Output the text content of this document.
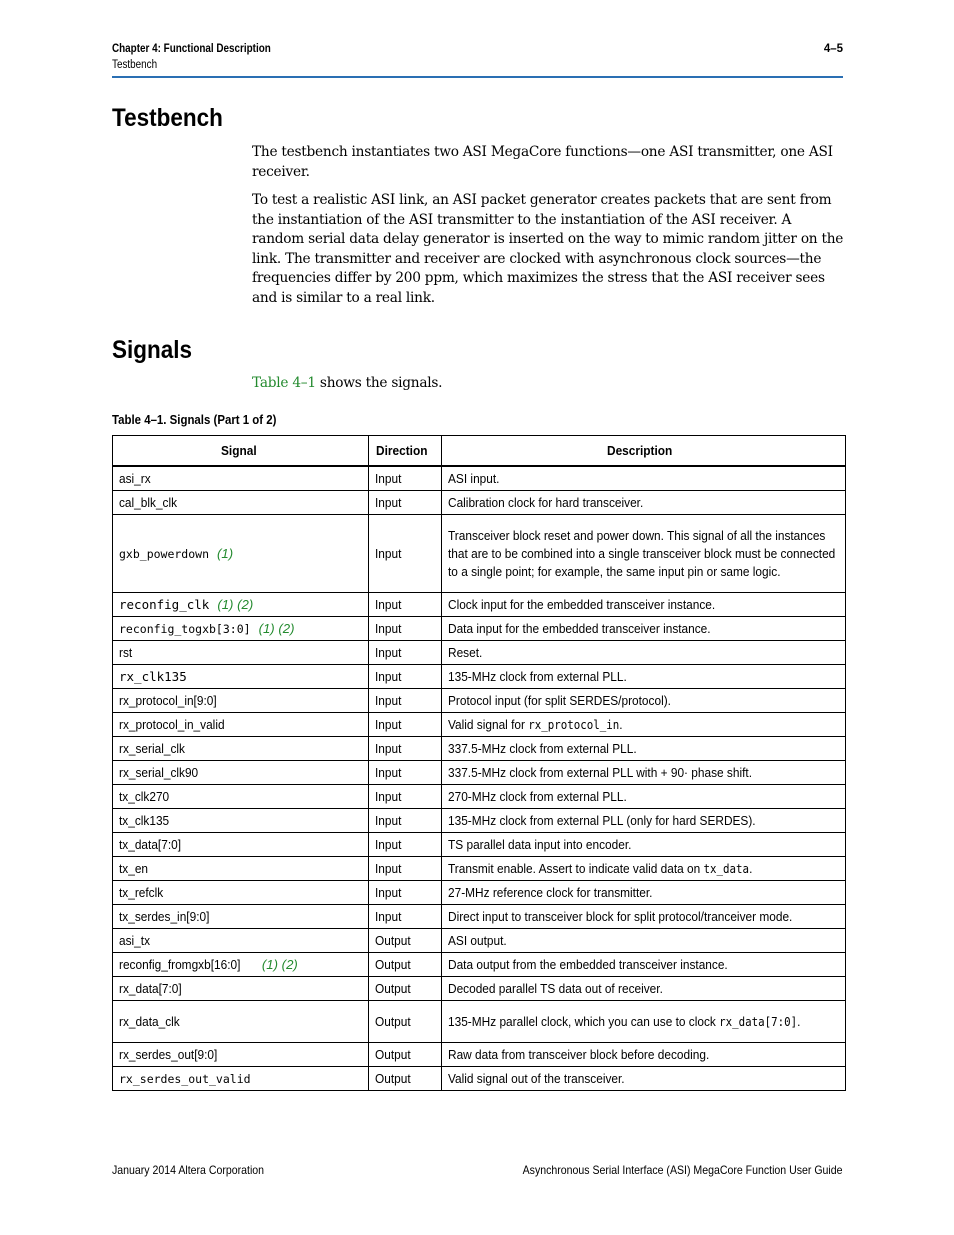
Chapter 4: Functional Description
Testbench
4–5
Testbench

The testbench instantiates two ASI MegaCore functions—one ASI transmitter, one ASI receiver.

To test a realistic ASI link, an ASI packet generator creates packets that are sent from the instantiation of the ASI transmitter to the instantiation of the ASI receiver. A random serial data delay generator is inserted on the way to mimic random jitter on the link. The transmitter and receiver are clocked with asynchronous clock sources—the frequencies differ by 200 ppm, which maximizes the stress that the ASI receiver sees and is similar to a real link.

Signals

Table 4–1 shows the signals.

Table 4–1. Signals (Part 1 of 2)
Signal	Direction	Description
asi_rx	Input	ASI input.

cal_blk_clk	Input	Calibration clock for hard transceiver.

gxb_powerdown (1)	Input	Transceiver block reset and power down. This signal of all the instances that are to be combined into a single transceiver block must be connected to a single point; for example, the same input pin or same logic.

reconfig_clk (1) (2)	Input	Clock input for the embedded transceiver instance.

reconfig_togxb[3:0] (1) (2)	Input	Data input for the embedded transceiver instance.

rst	Input	Reset.

rx_clk135	Input	135-MHz clock from external PLL.

rx_protocol_in[9:0]	Input	Protocol input (for split SERDES/protocol).

rx_protocol_in_valid	Input	Valid signal for rx_protocol_in.

rx_serial_clk	Input	337.5-MHz clock from external PLL.

rx_serial_clk90	Input	337.5-MHz clock from external PLL with + 90· phase shift.

tx_clk270	Input	270-MHz clock from external PLL.

tx_clk135	Input	135-MHz clock from external PLL (only for hard SERDES).

tx_data[7:0]	Input	TS parallel data input into encoder.

tx_en	Input	Transmit enable. Assert to indicate valid data on tx_data.

tx_refclk	Input	27-MHz reference clock for transmitter.

tx_serdes_in[9:0]	Input	Direct input to transceiver block for split protocol/tranceiver mode.

asi_tx	Output	ASI output.

reconfig_fromgxb[16:0] (1) (2)	Output	Data output from the embedded transceiver instance.

rx_data[7:0]	Output	Decoded parallel TS data out of receiver.

rx_data_clk	Output	135-MHz parallel clock, which you can use to clock rx_data[7:0].

rx_serdes_out[9:0]	Output	Raw data from transceiver block before decoding.

rx_serdes_out_valid	Output	Valid signal out of the transceiver.
January 2014 Altera Corporation	Asynchronous Serial Interface (ASI) MegaCore Function User Guide
